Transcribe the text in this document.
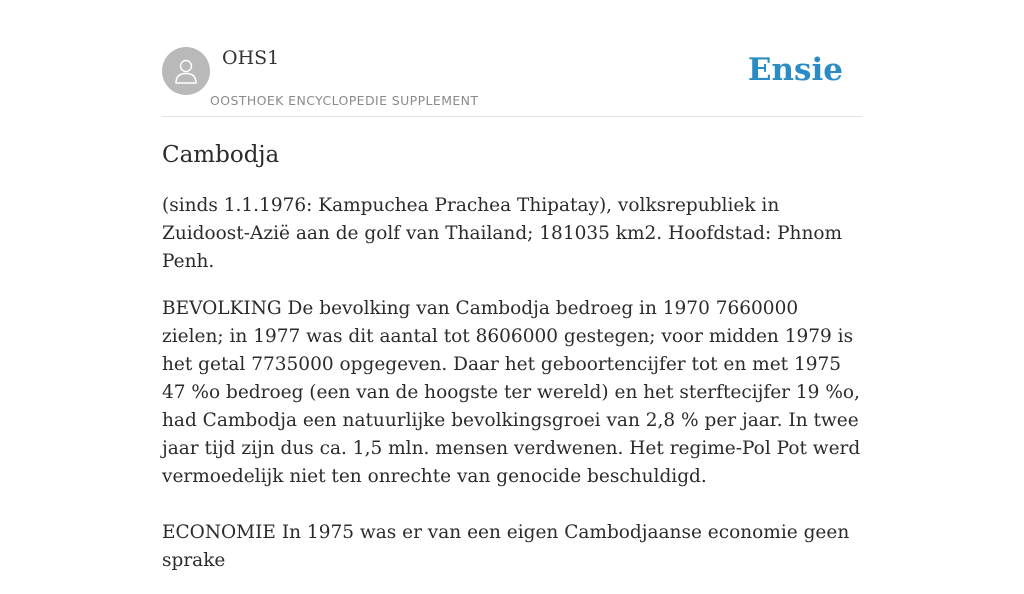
OHS1
OOSTHOEK ENCYCLOPEDIE SUPPLEMENT
Ensie
Cambodja

(sinds 1.1.1976: Kampuchea Prachea Thipatay), volksrepubliek in Zuidoost-Azië aan de golf van Thailand; 181035 km2. Hoofdstad: Phnom Penh.

BEVOLKING De bevolking van Cambodja bedroeg in 1970 7660000 zielen; in 1977 was dit aantal tot 8606000 gestegen; voor midden 1979 is het getal 7735000 opgegeven. Daar het geboortencijfer tot en met 1975 47 %o bedroeg (een van de hoogste ter wereld) en het sterftecijfer 19 %o, had Cambodja een natuurlijke bevolkingsgroei van 2,8 % per jaar. In twee jaar tijd zijn dus ca. 1,5 mln. mensen verdwenen. Het regime-Pol Pot werd vermoedelijk niet ten onrechte van genocide beschuldigd.

ECONOMIE In 1975 was er van een eigen Cambodjaanse economie geen sprake
